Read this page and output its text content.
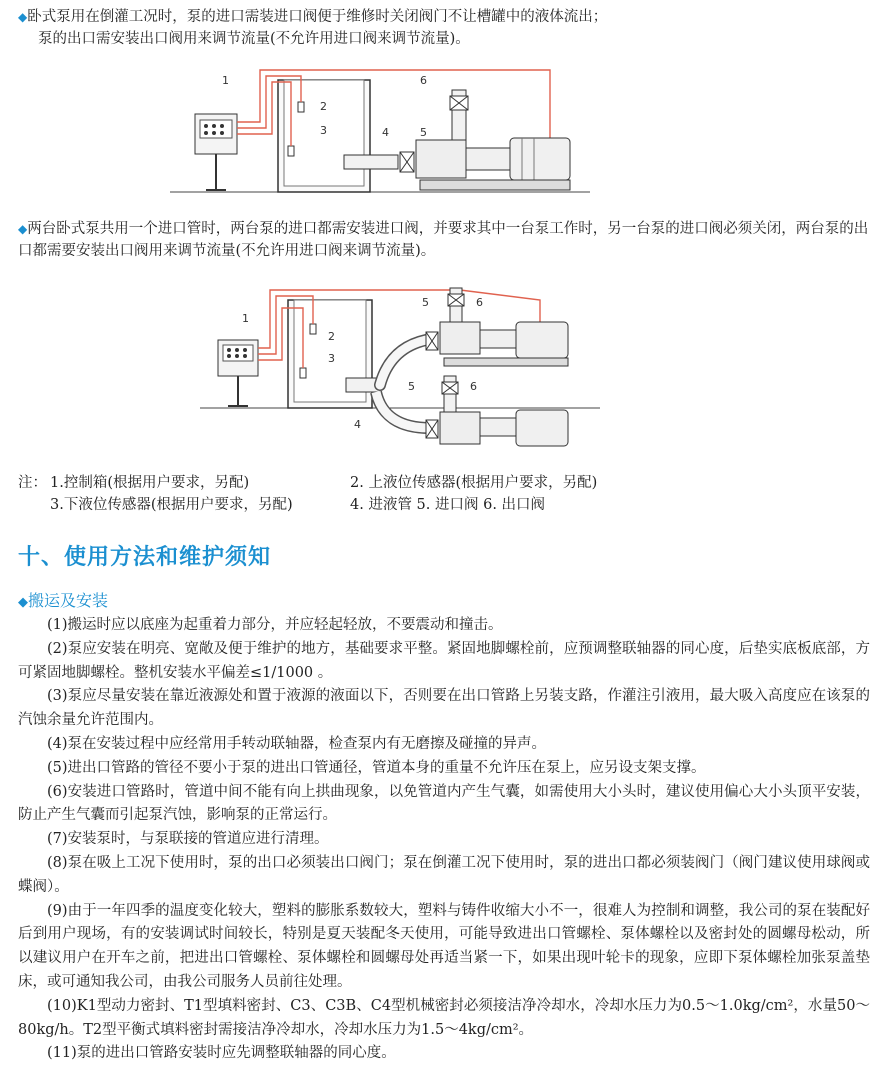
◆卧式泵用在倒灌工况时，泵的进口需装进口阀便于维修时关闭阀门不让槽罐中的液体流出；

泵的出口需安装出口阀用来调节流量(不允许用进口阀来调节流量)。

1
2
3	4	5
6

◆两台卧式泵共用一个进口管时，两台泵的进口都需安装进口阀，并要求其中一台泵工作时，另一台泵的进口阀必须关闭，两台泵的出口都需要安装出口阀用来调节流量(不允许用进口阀来调节流量)。

1
2
3
4
5	6
5	6
注： 1.控制箱(根据用户要求，另配)	2. 上液位传感器(根据用户要求，另配)
3.下液位传感器(根据用户要求，另配)	4. 进液管 5. 进口阀 6. 出口阀
十、使用方法和维护须知
◆搬运及安装

(1)搬运时应以底座为起重着力部分，并应轻起轻放，不要震动和撞击。

(2)泵应安装在明亮、宽敞及便于维护的地方，基础要求平整。紧固地脚螺栓前，应预调整联轴器的同心度，后垫实底板底部，方可紧固地脚螺栓。整机安装水平偏差≤1/1000 。

(3)泵应尽量安装在靠近液源处和置于液源的液面以下，否则要在出口管路上另装支路，作灌注引液用，最大吸入高度应在该泵的汽蚀余量允许范围内。

(4)泵在安装过程中应经常用手转动联轴器，检查泵内有无磨擦及碰撞的异声。

(5)进出口管路的管径不要小于泵的进出口管通径，管道本身的重量不允许压在泵上，应另设支架支撑。

(6)安装进口管路时，管道中间不能有向上拱曲现象，以免管道内产生气囊，如需使用大小头时，建议使用偏心大小头顶平安装，防止产生气囊而引起泵汽蚀，影响泵的正常运行。

(7)安装泵时，与泵联接的管道应进行清理。

(8)泵在吸上工况下使用时，泵的出口必须装出口阀门；泵在倒灌工况下使用时，泵的进出口都必须装阀门（阀门建议使用球阀或蝶阀）。

(9)由于一年四季的温度变化较大，塑料的膨胀系数较大，塑料与铸件收缩大小不一，很难人为控制和调整，我公司的泵在装配好后到用户现场，有的安装调试时间较长，特别是夏天装配冬天使用，可能导致进出口管螺栓、泵体螺栓以及密封处的圆螺母松动，所以建议用户在开车之前，把进出口管螺栓、泵体螺栓和圆螺母处再适当紧一下，如果出现叶轮卡的现象，应即下泵体螺栓加张泵盖垫床，或可通知我公司，由我公司服务人员前往处理。

(10)K1型动力密封、T1型填料密封、C3、C3B、C4型机械密封必须接洁净冷却水，冷却水压力为0.5～1.0kg/cm²，水量50～80kg/h。T2型平衡式填料密封需接洁净冷却水，冷却水压力为1.5～4kg/cm²。

(11)泵的进出口管路安装时应先调整联轴器的同心度。
